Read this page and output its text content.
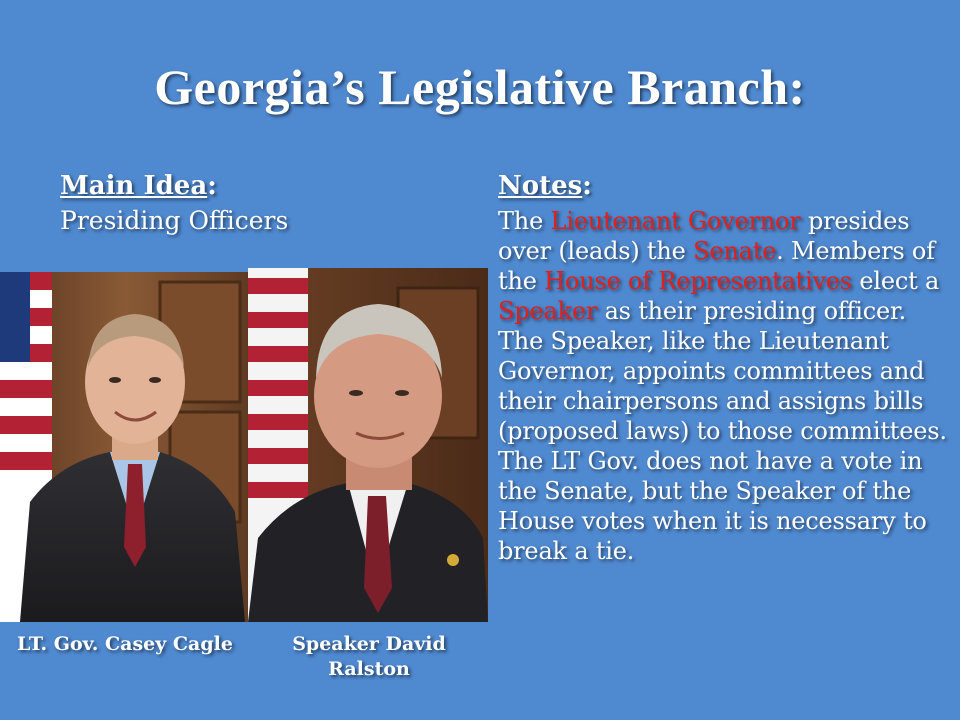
Georgia’s Legislative Branch:
Main Idea:
Presiding Officers
LT. Gov. Casey Cagle	Speaker David
Ralston
Notes:
The Lieutenant Governor presides over (leads) the Senate. Members of the House of Representatives elect a Speaker as their presiding officer. The Speaker, like the Lieutenant Governor, appoints committees and their chairpersons and assigns bills (proposed laws) to those committees. The LT Gov. does not have a vote in the Senate, but the Speaker of the House votes when it is necessary to break a tie.
